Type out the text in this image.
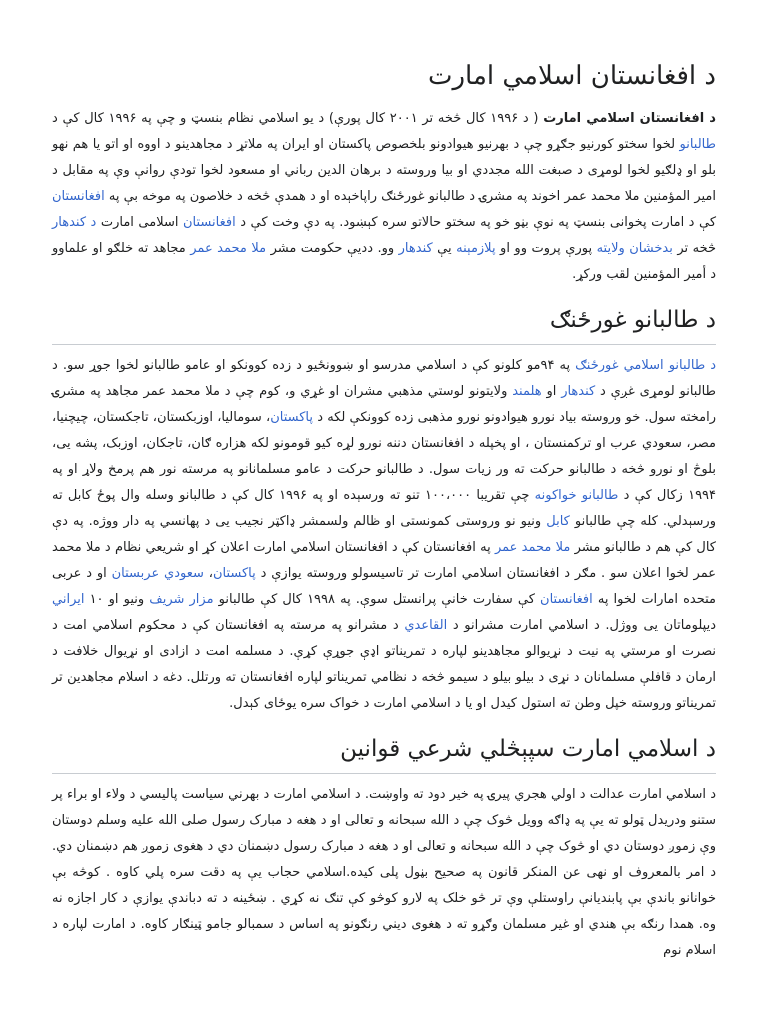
د افغانستان اسلامي امارت

د افغانستان اسلامي امارت ( د ۱۹۹۶ کال څخه تر ۲۰۰۱ کال پورې) د يو اسلامي نظام بنسټ و چې په ۱۹۹۶ کال کې د طالبانو لخوا سختو کورنيو جګړو چې د بهرنيو هيوادونو بلخصوص پاکستان او ايران په ملاتړ د مجاهدينو د اووه او اتو يا هم نهو بلو او ډلګيو لخوا لومړی د صبغت الله مجددي او بيا وروسته د برهان الدين رباني او مسعود لخوا تودې روانې وې په مقابل د امير المؤمنين ملا محمد عمر اخوند په مشرۍ د طالبانو غورځنګ راپاخېده او د همدې څخه د خلاصون په موخه بې په افغانستان کې د امارت پخوانی بنسټ په نوې بڼو خو په سختو حالاتو سره کېښود. په دې وخت کې د افغانستان اسلامی امارت د کندهار څخه تر بدخشان ولايته پورې پروت وو او پلازمېنه يې کندهار وو. دديې حکومت مشر ملا محمد عمر مجاهد ته خلګو او علماوو د أمير المؤمنين لقب ورکړ.

د طالبانو غورځنګ

د طالبانو اسلامي غورځنګ په ۹۴مو کلونو کې د اسلامي مدرسو او ښوونځيو د زده کوونکو او عامو طالبانو لخوا جوړ سو. د طالبانو لومړی غږې د کندهار او هلمند ولايتونو لوستي مذهبي مشران او غړي و، کوم چې د ملا محمد عمر مجاهد په مشرۍ رامخته سول. خو وروسته بیاد نورو هیوادونو نورو مذهبی زده کوونکې لکه د پاکستان، سوماليا، اوزبکستان، تاجکستان، چيچنيا، مصر، سعودي عرب او ترکمنستان ، او پخپله د افغانستان دننه نورو لړه کیو قومونو لکه هزاره ګان، تاجکان، اوزبک، پشه یی، بلوڅ او نورو څخه د طالبانو حرکت ته ور زيات سول. د طالبانو حرکت د عامو مسلمانانو په مرسته نور هم پرمخ ولاړ او په ۱۹۹۴ زکال کې د طالبانو خواکونه چې تقريبا ۱۰۰،۰۰۰ تنو ته ورسېده او په ۱۹۹۶ کال کې د طالبانو وسله وال پوځ کابل ته ورسېدلي. کله چې طالبانو کابل ونيو نو وروستی کمونستی او ظالم ولسمشر ډاکټر نجيب يی د پهانسي په دار ووژه. په دې کال کې هم د طالبانو مشر ملا محمد عمر په افغانستان کې د افغانستان اسلامي امارت اعلان کړ او شريعي نظام د ملا محمد عمر لخوا اعلان سو . مګر د افغانستان اسلامي امارت تر تاسيسولو وروسته يوازې د پاکستان، سعودي عربستان او د عربی متحده امارات لخوا په افغانستان کې سفارت خانې پرانستل سوې. په ۱۹۹۸ کال کې طالبانو مزار شريف ونيو او ۱۰ ايراني ديپلوماتان يی ووژل. د اسلامي امارت مشرانو د القاعدي د مشرانو په مرسته په افغانستان کې د محکوم اسلامي امت د نصرت او مرستي په نيت د نړيوالو مجاهدينو لپاره د تمريناتو اډې جوړې کړې. د مسلمه امت د ازادی او نړيوال خلافت د ارمان د قافلې مسلمانان د نړی د بيلو بيلو د سيمو څخه د نظامي تمريناتو لپاره افغانستان ته ورتلل. دغه د اسلام مجاهدين تر تمريناتو وروسته خپل وطن ته استول کيدل او يا د اسلامي امارت د خواک سره يوځای کېدل.

د اسلامي امارت سپېڅلي شرعي قوانين

د اسلامي امارت عدالت د اولي هجري پيرۍ په خير دود ته واوښت. د اسلامي امارت د بهرني سياست پاليسي د ولاء او براء پر ستنو ودريدل ټولو ته يې په ډاګه وويل څوک چې د الله سبحانه و تعالی او د هغه د مبارک رسول صلی الله عليه وسلم دوستان وې زموږ دوستان دي او څوک چې د الله سبحانه و تعالی او د هغه د مبارک رسول دښمنان دي د هغوی زموږ هم دښمنان دي. د امر بالمعروف او نهی عن المنکر قانون په صحيح بڼول پلی کيده.اسلامي حجاب يې په دقت سره پلي کاوه . کوڅه بې خوانانو باندې بې پابنديانې راوستلې وې تر څو خلک په لارو کوڅو کې تنګ نه کړي . ښځينه د ته دباندې يوازې د کار اجازه نه وه. همدا رنګه بې هندي او غير مسلمان وګړو ته د هغوی ديني رنګونو په اساس د سمبالو جامو ټينګار کاوه. د امارت لپاره د اسلام نوم
